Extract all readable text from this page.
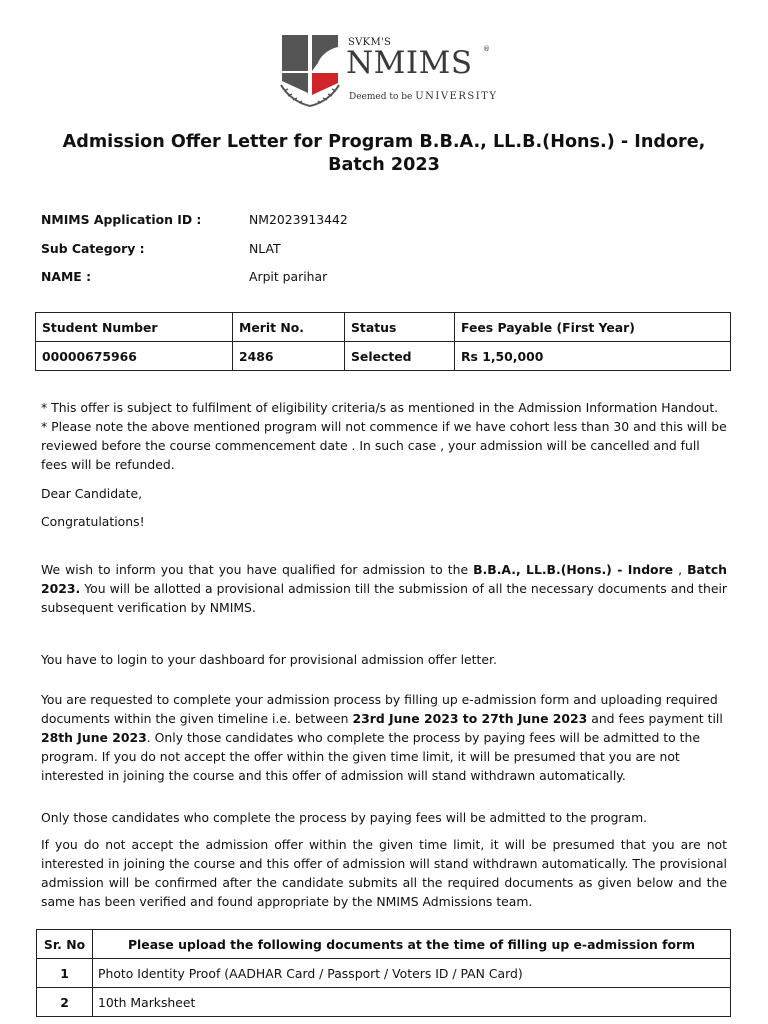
SVKM'S
NMIMS ®
Deemed to be UNIVERSITY
Admission Offer Letter for Program B.B.A., LL.B.(Hons.) - Indore, Batch 2023
NMIMS Application ID :	NM2023913442
Sub Category :	NLAT
NAME :	Arpit parihar
Student Number	Merit No.	Status	Fees Payable (First Year)
00000675966	2486	Selected	Rs 1,50,000
* This offer is subject to fulfilment of eligibility criteria/s as mentioned in the Admission Information Handout.
* Please note the above mentioned program will not commence if we have cohort less than 30 and this will be reviewed before the course commencement date . In such case , your admission will be cancelled and full fees will be refunded.
Dear Candidate,
Congratulations!
We wish to inform you that you have qualified for admission to the B.B.A., LL.B.(Hons.) - Indore , Batch 2023. You will be allotted a provisional admission till the submission of all the necessary documents and their subsequent verification by NMIMS.
You have to login to your dashboard for provisional admission offer letter.
You are requested to complete your admission process by filling up e-admission form and uploading required documents within the given timeline i.e. between 23rd June 2023 to 27th June 2023 and fees payment till 28th June 2023. Only those candidates who complete the process by paying fees will be admitted to the program. If you do not accept the offer within the given time limit, it will be presumed that you are not interested in joining the course and this offer of admission will stand withdrawn automatically.
Only those candidates who complete the process by paying fees will be admitted to the program.
If you do not accept the admission offer within the given time limit, it will be presumed that you are not interested in joining the course and this offer of admission will stand withdrawn automatically. The provisional admission will be confirmed after the candidate submits all the required documents as given below and the same has been verified and found appropriate by the NMIMS Admissions team.
Sr. No	Please upload the following documents at the time of filling up e-admission form
1	Photo Identity Proof (AADHAR Card / Passport / Voters ID / PAN Card)
2	10th Marksheet
